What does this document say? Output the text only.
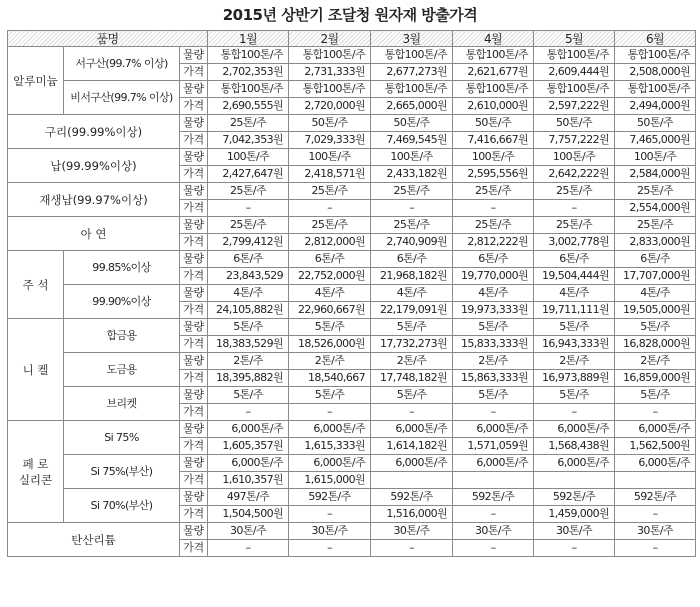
2015년 상반기 조달청 원자재 방출가격
품명			1월	2월	3월	4월	5월	6월
알루미늄	서구산(99.7% 이상)	물량	통합100톤/주	통합100톤/주	통합100톤/주	통합100톤/주	통합100톤/주	통합100톤/주
		가격	2,702,353원	2,731,333원	2,677,273원	2,621,677원	2,609,444원	2,508,000원
	비서구산(99.7% 이상)	물량	통합100톤/주	통합100톤/주	통합100톤/주	통합100톤/주	통합100톤/주	통합100톤/주
		가격	2,690,555원	2,720,000원	2,665,000원	2,610,000원	2,597,222원	2,494,000원
구리(99.99%이상)		물량	25톤/주	50톤/주	50톤/주	50톤/주	50톤/주	50톤/주
		가격	7,042,353원	7,029,333원	7,469,545원	7,416,667원	7,757,222원	7,465,000원
납(99.99%이상)		물량	100톤/주	100톤/주	100톤/주	100톤/주	100톤/주	100톤/주
		가격	2,427,647원	2,418,571원	2,433,182원	2,595,556원	2,642,222원	2,584,000원
재생납(99.97%이상)		물량	25톤/주	25톤/주	25톤/주	25톤/주	25톤/주	25톤/주
		가격	–	–	–	–	–	2,554,000원
아 연		물량	25톤/주	25톤/주	25톤/주	25톤/주	25톤/주	25톤/주
		가격	2,799,412원	2,812,000원	2,740,909원	2,812,222원	3,002,778원	2,833,000원
주 석	99.85%이상	물량	6톤/주	6톤/주	6톤/주	6톤/주	6톤/주	6톤/주
		가격	23,843,529	22,752,000원	21,968,182원	19,770,000원	19,504,444원	17,707,000원
	99.90%이상	물량	4톤/주	4톤/주	4톤/주	4톤/주	4톤/주	4톤/주
		가격	24,105,882원	22,960,667원	22,179,091원	19,973,333원	19,711,111원	19,505,000원
니 켈	합금용	물량	5톤/주	5톤/주	5톤/주	5톤/주	5톤/주	5톤/주
		가격	18,383,529원	18,526,000원	17,732,273원	15,833,333원	16,943,333원	16,828,000원
	도금용	물량	2톤/주	2톤/주	2톤/주	2톤/주	2톤/주	2톤/주
		가격	18,395,882원	18,540,667	17,748,182원	15,863,333원	16,973,889원	16,859,000원
	브리켓	물량	5톤/주	5톤/주	5톤/주	5톤/주	5톤/주	5톤/주
		가격	–	–	–	–	–	–
페 로
실리콘	Si 75%	물량	6,000톤/주	6,000톤/주	6,000톤/주	6,000톤/주	6,000톤/주	6,000톤/주
		가격	1,605,357원	1,615,333원	1,614,182원	1,571,059원	1,568,438원	1,562,500원
	Si 75%(부산)	물량	6,000톤/주	6,000톤/주	6,000톤/주	6,000톤/주	6,000톤/주	6,000톤/주
		가격	1,610,357원	1,615,000원				
	Si 70%(부산)	물량	497톤/주	592톤/주	592톤/주	592톤/주	592톤/주	592톤/주
		가격	1,504,500원	–	1,516,000원	–	1,459,000원	–
탄산리튬		물량	30톤/주	30톤/주	30톤/주	30톤/주	30톤/주	30톤/주
		가격	–	–	–	–	–	–
